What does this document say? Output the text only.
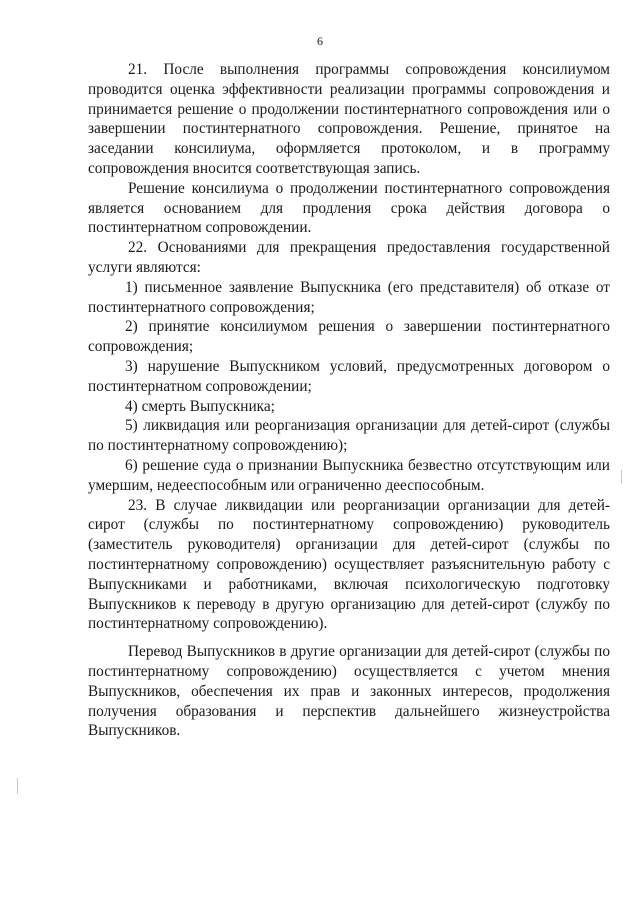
6

21. После выполнения программы сопровождения консилиумом проводится оценка эффективности реализации программы сопровождения и принимается решение о продолжении постинтернатного сопровождения или о завершении постинтернатного сопровождения. Решение, принятое на заседании консилиума, оформляется протоколом, и в программу сопровождения вносится соответствующая запись.

Решение консилиума о продолжении постинтернатного сопровождения является основанием для продления срока действия договора о постинтернатном сопровождении.

22. Основаниями для прекращения предоставления государственной услуги являются:

1) письменное заявление Выпускника (его представителя) об отказе от постинтернатного сопровождения;

2) принятие консилиумом решения о завершении постинтернатного сопровождения;

3) нарушение Выпускником условий, предусмотренных договором о постинтернатном сопровождении;

4) смерть Выпускника;

5) ликвидация или реорганизация организации для детей-сирот (службы по постинтернатному сопровождению);

6) решение суда о признании Выпускника безвестно отсутствующим или умершим, недееспособным или ограниченно дееспособным.

23. В случае ликвидации или реорганизации организации для детей-сирот (службы по постинтернатному сопровождению) руководитель (заместитель руководителя) организации для детей-сирот (службы по постинтернатному сопровождению) осуществляет разъяснительную работу с Выпускниками и работниками, включая психологическую подготовку Выпускников к переводу в другую организацию для детей-сирот (службу по постинтернатному сопровождению).

Перевод Выпускников в другие организации для детей-сирот (службы по постинтернатному сопровождению) осуществляется с учетом мнения Выпускников, обеспечения их прав и законных интересов, продолжения получения образования и перспектив дальнейшего жизнеустройства Выпускников.
